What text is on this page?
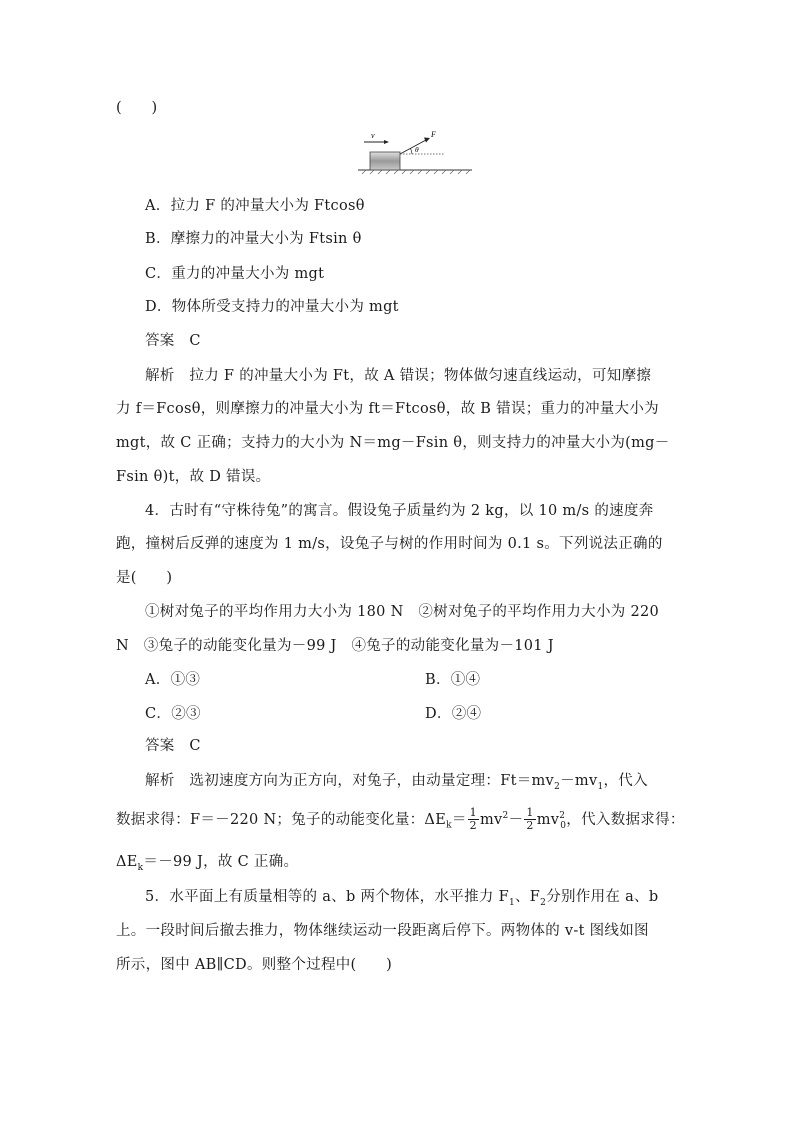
(　　)
v	F
θ
A．拉力 F 的冲量大小为 Ftcosθ
B．摩擦力的冲量大小为 Ftsin θ
C．重力的冲量大小为 mgt
D．物体所受支持力的冲量大小为 mgt
答案　 C
解析　 拉力 F 的冲量大小为 Ft，故 A 错误；物体做匀速直线运动，可知摩擦
力 f＝Fcosθ，则摩擦力的冲量大小为 ft＝Ftcosθ，故 B 错误；重力的冲量大小为
mgt，故 C 正确；支持力的大小为 N＝mg－Fsin θ，则支持力的冲量大小为(mg－
Fsin θ)t，故 D 错误。
4．古时有“守株待兔”的寓言。假设兔子质量约为 2 kg，以 10 m/s 的速度奔
跑，撞树后反弹的速度为 1 m/s，设兔子与树的作用时间为 0.1 s。下列说法正确的
是(　　)
①树对兔子的平均作用力大小为 180 N　②树对兔子的平均作用力大小为 220
N　③兔子的动能变化量为－99 J　④兔子的动能变化量为－101 J
A．①③	B．①④
C．②③	D．②④
答案　 C
解析　 选初速度方向为正方向，对兔子，由动量定理：$Ft=mv_2-mv_1$，代入
数据求得：F＝－220 N；兔子的动能变化量：$\Delta E_k= \frac{1}{2} mv^2- \frac{1}{2} mv^2_0$，代入数据求得：
$\Delta E_k=-99$ J，故 C 正确。
5．水平面上有质量相等的 a、b 两个物体，水平推力 $F_1$、$F_2$分别作用在 a、b
上。一段时间后撤去推力，物体继续运动一段距离后停下。两物体的 v-t 图线如图
所示，图中 AB∥CD。则整个过程中(　　)
